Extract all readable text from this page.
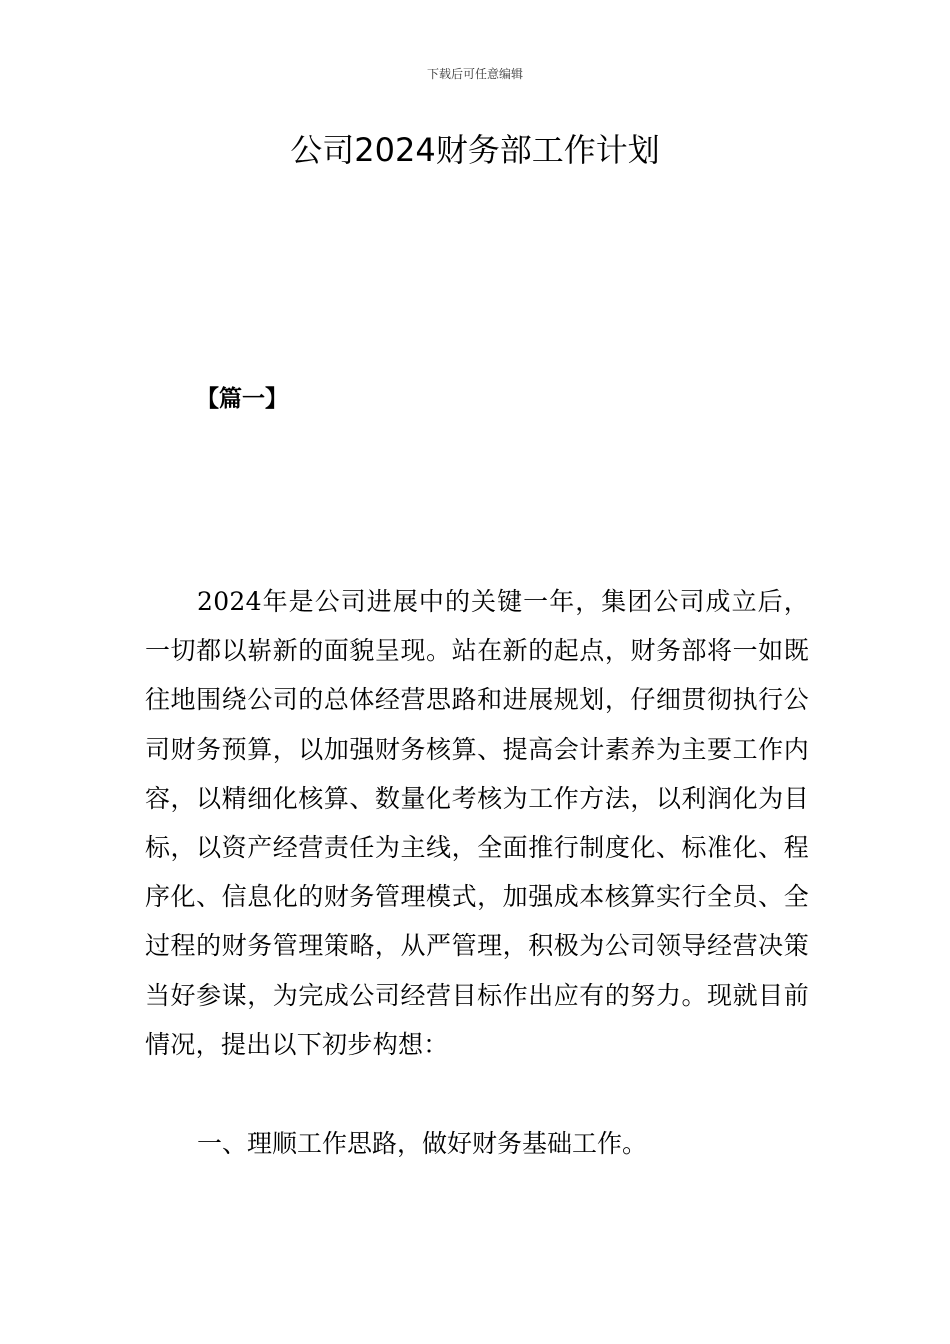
下载后可任意编辑
公司2024财务部工作计划
【篇一】

2024年是公司进展中的关键一年，集团公司成立后，一切都以崭新的面貌呈现。站在新的起点，财务部将一如既往地围绕公司的总体经营思路和进展规划，仔细贯彻执行公司财务预算，以加强财务核算、提高会计素养为主要工作内容，以精细化核算、数量化考核为工作方法，以利润化为目标，以资产经营责任为主线，全面推行制度化、标准化、程序化、信息化的财务管理模式，加强成本核算实行全员、全过程的财务管理策略，从严管理，积极为公司领导经营决策当好参谋，为完成公司经营目标作出应有的努力。现就目前情况，提出以下初步构想：

一、理顺工作思路，做好财务基础工作。
